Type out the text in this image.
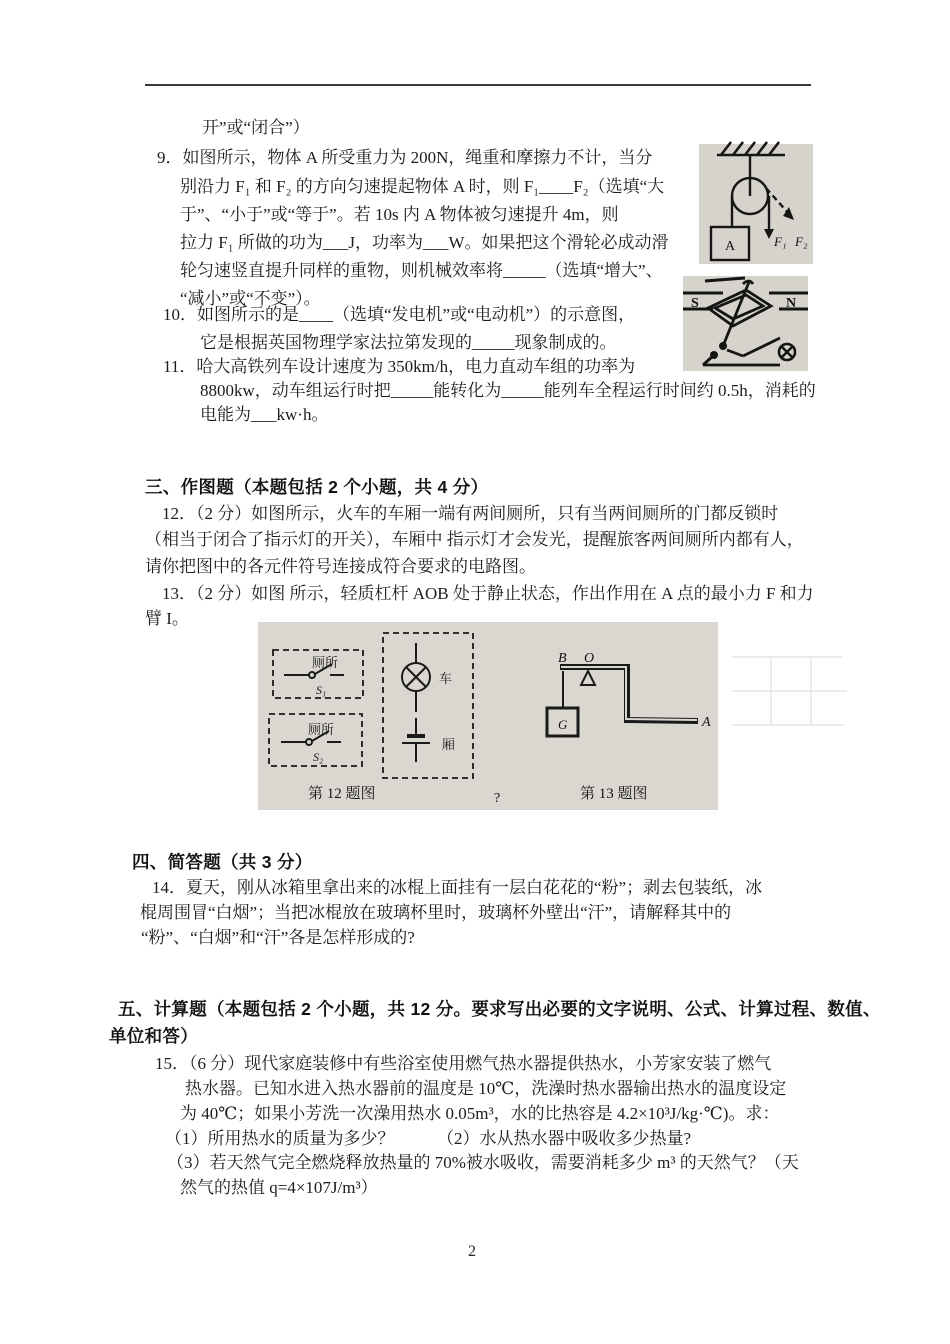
开”或“闭合”）
9．如图所示，物体 A 所受重力为 200N，绳重和摩擦力不计，当分
别沿力 F₁ 和 F₂ 的方向匀速提起物体 A 时，则 F₁____F₂（选填“大
于”、“小于”或“等于”。若 10s 内 A 物体被匀速提升 4m，则
拉力 F₁ 所做的功为___J，功率为___W。如果把这个滑轮必成动滑
轮匀速竖直提升同样的重物，则机械效率将_____（选填“增大”、
“减小”或“不变”）。
A	F₁ F₂
10．如图所示的是____（选填“发电机”或“电动机”）的示意图，
它是根据英国物理学家法拉第发现的_____现象制成的。
S	N
11．哈大高铁列车设计速度为 350km/h，电力直动车组的功率为
8800kw，动车组运行时把_____能转化为_____能列车全程运行时间约 0.5h，消耗的
电能为___kw·h。
三、作图题（本题包括 2 个小题，共 4 分）
12．（2 分）如图所示，火车的车厢一端有两间厕所，只有当两间厕所的门都反锁时
（相当于闭合了指示灯的开关），车厢中 指示灯才会发光，提醒旅客两间厕所内都有人，
请你把图中的各元件符号连接成符合要求的电路图。
13．（2 分）如图 所示，轻质杠杆 AOB 处于静止状态，作出作用在 A 点的最小力 F 和力
臂 I。
厕所
S₁
厕所
S₂
车
厢
第 12 题图	?
G
B O
A
第 13 题图
四、简答题（共 3 分）
14．夏天，刚从冰箱里拿出来的冰棍上面挂有一层白花花的“粉”；剥去包装纸，冰
棍周围冒“白烟”；当把冰棍放在玻璃杯里时，玻璃杯外壁出“汗”，请解释其中的
“粉”、“白烟”和“汗”各是怎样形成的?
五、计算题（本题包括 2 个小题，共 12 分。要求写出必要的文字说明、公式、计算过程、数值、
单位和答）
15．（6 分）现代家庭装修中有些浴室使用燃气热水器提供热水，小芳家安装了燃气
热水器。已知水进入热水器前的温度是 10℃，洗澡时热水器输出热水的温度设定
为 40℃；如果小芳洗一次澡用热水 0.05m³，水的比热容是 4.2×10³J/kg·℃)。求：
（1）所用热水的质量为多少？　　　（2）水从热水器中吸收多少热量?
（3）若天然气完全燃烧释放热量的 70%被水吸收，需要消耗多少 m³ 的天然气？（天
然气的热值 q=4×107J/m³）
2
